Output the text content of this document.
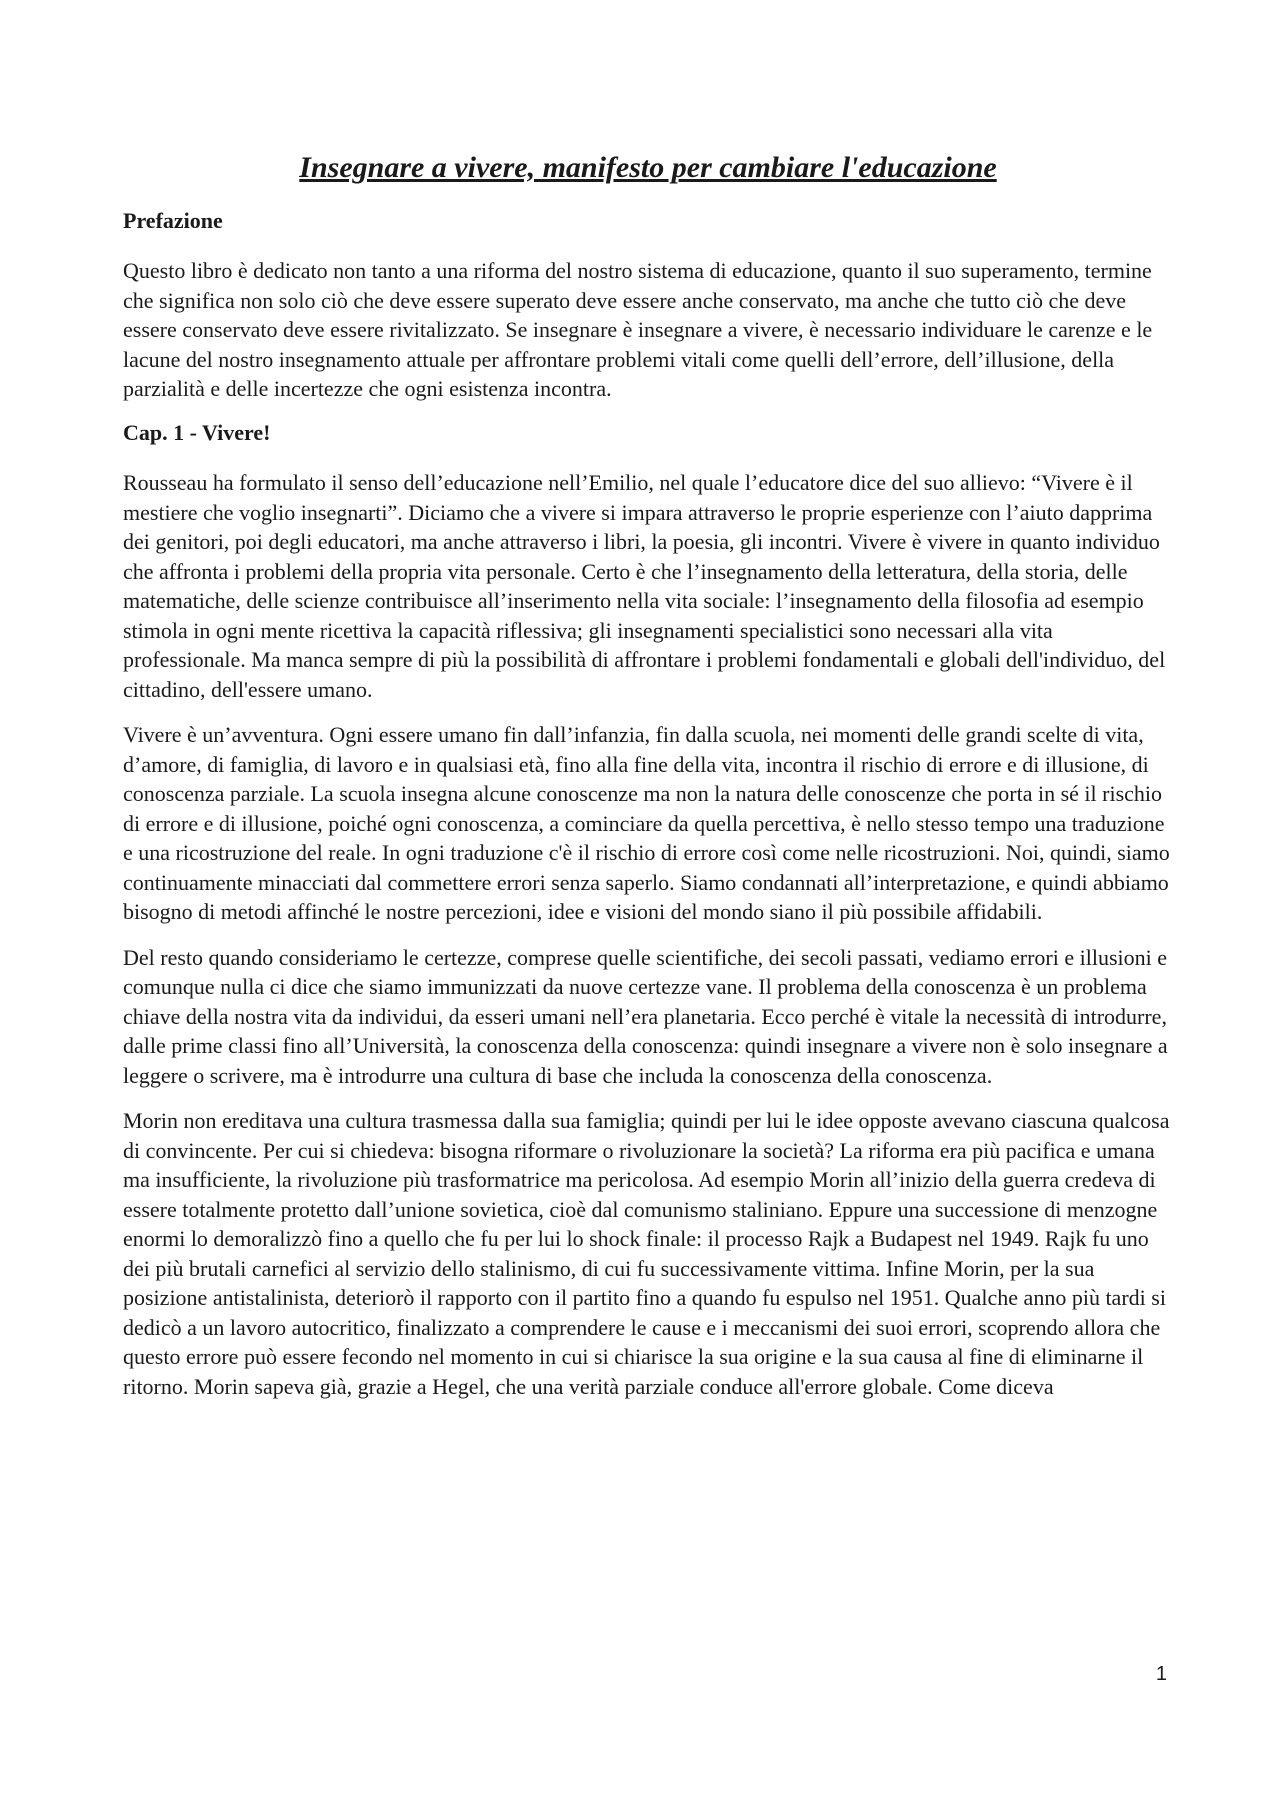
Insegnare a vivere, manifesto per cambiare l'educazione
Prefazione

Questo libro è dedicato non tanto a una riforma del nostro sistema di educazione, quanto il suo superamento, termine che significa non solo ciò che deve essere superato deve essere anche conservato, ma anche che tutto ciò che deve essere conservato deve essere rivitalizzato. Se insegnare è insegnare a vivere, è necessario individuare le carenze e le lacune del nostro insegnamento attuale per affrontare problemi vitali come quelli dell’errore, dell’illusione, della parzialità e delle incertezze che ogni esistenza incontra.

Cap. 1 - Vivere!

Rousseau ha formulato il senso dell’educazione nell’Emilio, nel quale l’educatore dice del suo allievo: “Vivere è il mestiere che voglio insegnarti”. Diciamo che a vivere si impara attraverso le proprie esperienze con l’aiuto dapprima dei genitori, poi degli educatori, ma anche attraverso i libri, la poesia, gli incontri. Vivere è vivere in quanto individuo che affronta i problemi della propria vita personale. Certo è che l’insegnamento della letteratura, della storia, delle matematiche, delle scienze contribuisce all’inserimento nella vita sociale: l’insegnamento della filosofia ad esempio stimola in ogni mente ricettiva la capacità riflessiva; gli insegnamenti specialistici sono necessari alla vita professionale. Ma manca sempre di più la possibilità di affrontare i problemi fondamentali e globali dell'individuo, del cittadino, dell'essere umano.

Vivere è un’avventura. Ogni essere umano fin dall’infanzia, fin dalla scuola, nei momenti delle grandi scelte di vita, d’amore, di famiglia, di lavoro e in qualsiasi età, fino alla fine della vita, incontra il rischio di errore e di illusione, di conoscenza parziale. La scuola insegna alcune conoscenze ma non la natura delle conoscenze che porta in sé il rischio di errore e di illusione, poiché ogni conoscenza, a cominciare da quella percettiva, è nello stesso tempo una traduzione e una ricostruzione del reale. In ogni traduzione c'è il rischio di errore così come nelle ricostruzioni. Noi, quindi, siamo continuamente minacciati dal commettere errori senza saperlo. Siamo condannati all’interpretazione, e quindi abbiamo bisogno di metodi affinché le nostre percezioni, idee e visioni del mondo siano il più possibile affidabili.

Del resto quando consideriamo le certezze, comprese quelle scientifiche, dei secoli passati, vediamo errori e illusioni e comunque nulla ci dice che siamo immunizzati da nuove certezze vane. Il problema della conoscenza è un problema chiave della nostra vita da individui, da esseri umani nell’era planetaria. Ecco perché è vitale la necessità di introdurre, dalle prime classi fino all’Università, la conoscenza della conoscenza: quindi insegnare a vivere non è solo insegnare a leggere o scrivere, ma è introdurre una cultura di base che includa la conoscenza della conoscenza.

Morin non ereditava una cultura trasmessa dalla sua famiglia; quindi per lui le idee opposte avevano ciascuna qualcosa di convincente. Per cui si chiedeva: bisogna riformare o rivoluzionare la società? La riforma era più pacifica e umana ma insufficiente, la rivoluzione più trasformatrice ma pericolosa. Ad esempio Morin all’inizio della guerra credeva di essere totalmente protetto dall’unione sovietica, cioè dal comunismo staliniano. Eppure una successione di menzogne enormi lo demoralizzò fino a quello che fu per lui lo shock finale: il processo Rajk a Budapest nel 1949. Rajk fu uno dei più brutali carnefici al servizio dello stalinismo, di cui fu successivamente vittima. Infine Morin, per la sua posizione antistalinista, deteriorò il rapporto con il partito fino a quando fu espulso nel 1951. Qualche anno più tardi si dedicò a un lavoro autocritico, finalizzato a comprendere le cause e i meccanismi dei suoi errori, scoprendo allora che questo errore può essere fecondo nel momento in cui si chiarisce la sua origine e la sua causa al fine di eliminarne il ritorno. Morin sapeva già, grazie a Hegel, che una verità parziale conduce all'errore globale. Come diceva

1
